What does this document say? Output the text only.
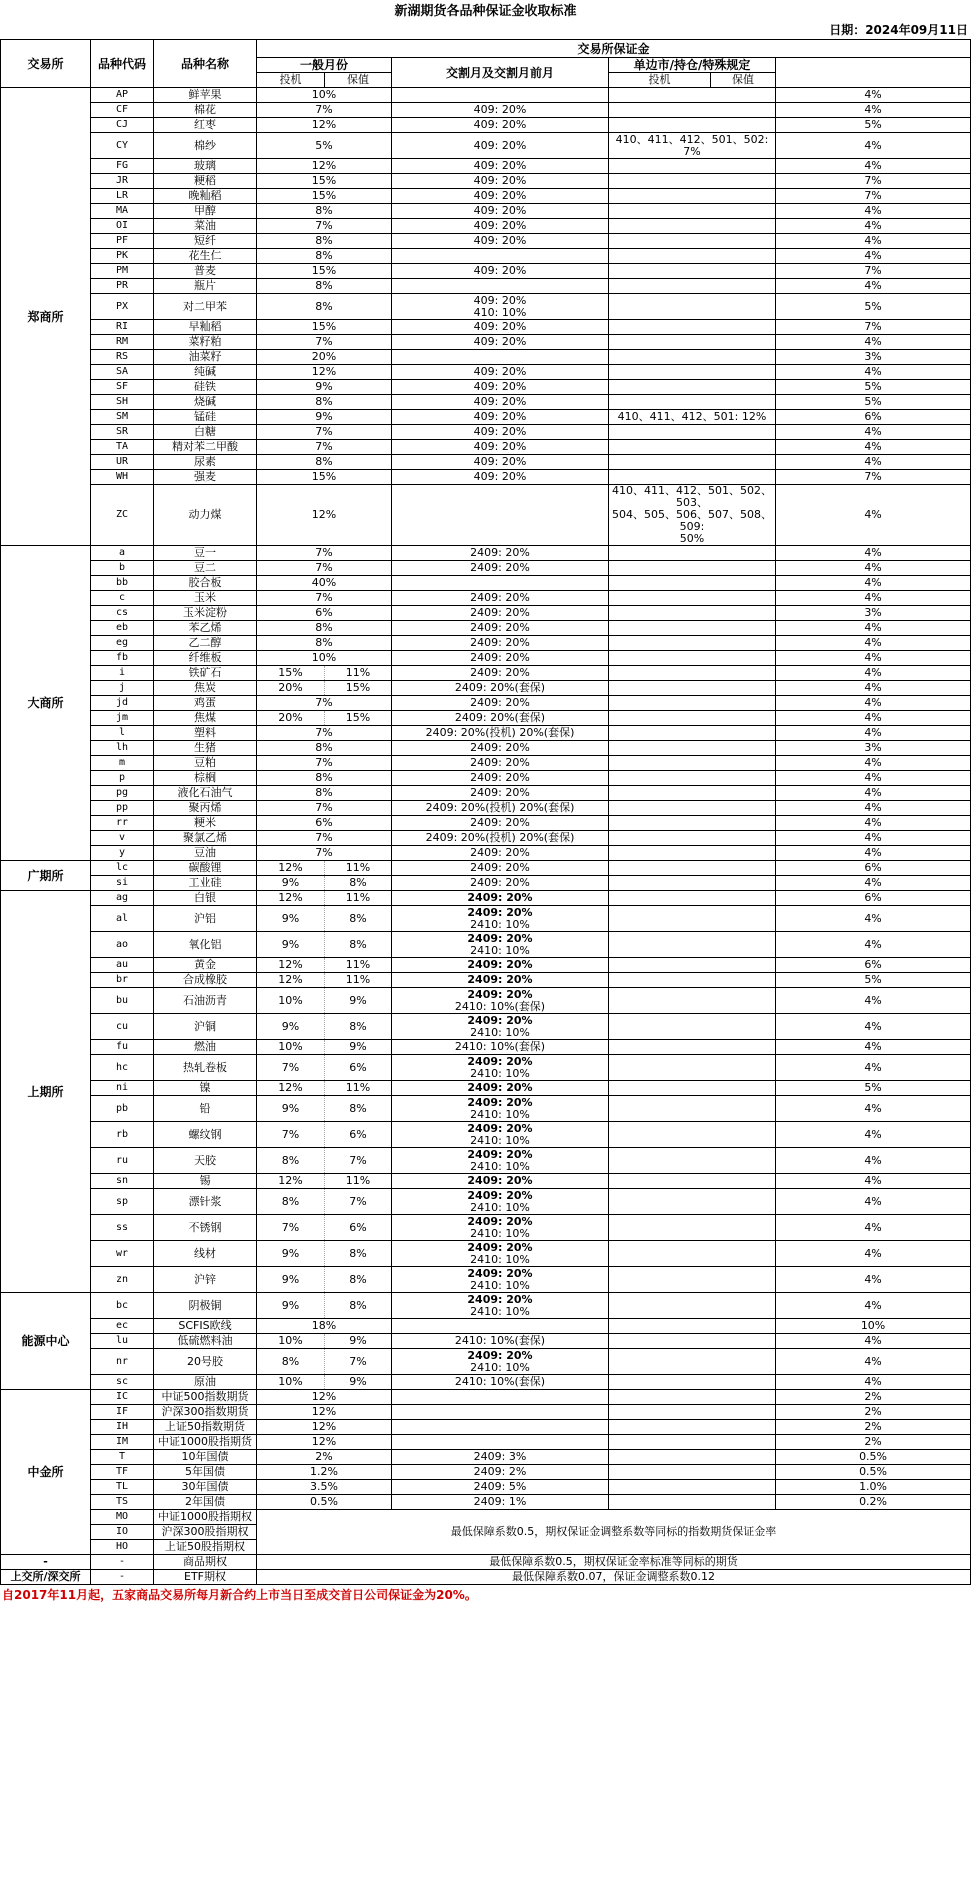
新湖期货各品种保证金收取标准
日期：2024年09月11日
交易所	品种代码	品种名称	交易所保证金	
			一般月份		交割月及交割月前月	单边市/持仓/特殊规定			
			投机	保值		投机	保值		
郑商所	AP	鲜苹果	10%					4%	
	CF	棉花	7%		409: 20%			4%	
	CJ	红枣	12%		409: 20%			5%	
	CY	棉纱	5%		409: 20%	410、411、412、501、502: 7%		4%	
	FG	玻璃	12%		409: 20%			4%	
	JR	粳稻	15%		409: 20%			7%	
	LR	晚籼稻	15%		409: 20%			7%	
	MA	甲醇	8%		409: 20%			4%	
	OI	菜油	7%		409: 20%			4%	
	PF	短纤	8%		409: 20%			4%	
	PK	花生仁	8%					4%	
	PM	普麦	15%		409: 20%			7%	
	PR	瓶片	8%					4%	
	PX	对二甲苯	8%		409: 20%
410: 10%			5%	
	RI	早籼稻	15%		409: 20%			7%	
	RM	菜籽粕	7%		409: 20%			4%	
	RS	油菜籽	20%					3%	
	SA	纯碱	12%		409: 20%			4%	
	SF	硅铁	9%		409: 20%			5%	
	SH	烧碱	8%		409: 20%			5%	
	SM	锰硅	9%		409: 20%	410、411、412、501: 12%		6%	
	SR	白糖	7%		409: 20%			4%	
	TA	精对苯二甲酸	7%		409: 20%			4%	
	UR	尿素	8%		409: 20%			4%	
	WH	强麦	15%		409: 20%			7%	
	ZC	动力煤	12%			410、411、412、501、502、503、
504、505、506、507、508、509:
50%		4%	
大商所	a	豆一	7%		2409: 20%			4%	
	b	豆二	7%		2409: 20%			4%	
	bb	胶合板	40%					4%	
	c	玉米	7%		2409: 20%			4%	
	cs	玉米淀粉	6%		2409: 20%			3%	
	eb	苯乙烯	8%		2409: 20%			4%	
	eg	乙二醇	8%		2409: 20%			4%	
	fb	纤维板	10%		2409: 20%			4%	
	i	铁矿石	15%	11%	2409: 20%			4%	
	j	焦炭	20%	15%	2409: 20%(套保)			4%	
	jd	鸡蛋	7%		2409: 20%			4%	
	jm	焦煤	20%	15%	2409: 20%(套保)			4%	
	l	塑料	7%		2409: 20%(投机) 20%(套保)			4%	
	lh	生猪	8%		2409: 20%			3%	
	m	豆粕	7%		2409: 20%			4%	
	p	棕榈	8%		2409: 20%			4%	
	pg	液化石油气	8%		2409: 20%			4%	
	pp	聚丙烯	7%		2409: 20%(投机) 20%(套保)			4%	
	rr	粳米	6%		2409: 20%			4%	
	v	聚氯乙烯	7%		2409: 20%(投机) 20%(套保)			4%	
	y	豆油	7%		2409: 20%			4%	
广期所	lc	碳酸锂	12%	11%	2409: 20%			6%	
	si	工业硅	9%	8%	2409: 20%			4%	
上期所	ag	白银	12%	11%	2409: 20%			6%	
	al	沪铝	9%	8%	2409: 20%
2410: 10%			4%	
	ao	氧化铝	9%	8%	2409: 20%
2410: 10%			4%	
	au	黄金	12%	11%	2409: 20%			6%	
	br	合成橡胶	12%	11%	2409: 20%			5%	
	bu	石油沥青	10%	9%	2409: 20%
2410: 10%(套保)			4%	
	cu	沪铜	9%	8%	2409: 20%
2410: 10%			4%	
	fu	燃油	10%	9%	2410: 10%(套保)			4%	
	hc	热轧卷板	7%	6%	2409: 20%
2410: 10%			4%	
	ni	镍	12%	11%	2409: 20%			5%	
	pb	铅	9%	8%	2409: 20%
2410: 10%			4%	
	rb	螺纹钢	7%	6%	2409: 20%
2410: 10%			4%	
	ru	天胶	8%	7%	2409: 20%
2410: 10%			4%	
	sn	锡	12%	11%	2409: 20%			4%	
	sp	漂针浆	8%	7%	2409: 20%
2410: 10%			4%	
	ss	不锈钢	7%	6%	2409: 20%
2410: 10%			4%	
	wr	线材	9%	8%	2409: 20%
2410: 10%			4%	
	zn	沪锌	9%	8%	2409: 20%
2410: 10%			4%	
能源中心	bc	阴极铜	9%	8%	2409: 20%
2410: 10%			4%	
	ec	SCFIS欧线	18%					10%	
	lu	低硫燃料油	10%	9%	2410: 10%(套保)			4%	
	nr	20号胶	8%	7%	2409: 20%
2410: 10%			4%	
	sc	原油	10%	9%	2410: 10%(套保)			4%	
中金所	IC	中证500指数期货	12%					2%	
	IF	沪深300指数期货	12%					2%	
	IH	上证50指数期货	12%					2%	
	IM	中证1000股指期货	12%					2%	
	T	10年国债	2%		2409: 3%			0.5%	
	TF	5年国债	1.2%		2409: 2%			0.5%	
	TL	30年国债	3.5%		2409: 5%			1.0%	
	TS	2年国债	0.5%		2409: 1%			0.2%	
	MO	中证1000股指期权	最低保障系数0.5，期权保证金调整系数等同标的指数期货保证金率						
	IO	沪深300股指期权							
	HO	上证50股指期权							
-	-	商品期权	最低保障系数0.5，期权保证金率标准等同标的期货						
上交所/深交所	-	ETF期权	最低保障系数0.07，保证金调整系数0.12	
自2017年11月起，五家商品交易所每月新合约上市当日至成交首日公司保证金为20%。
